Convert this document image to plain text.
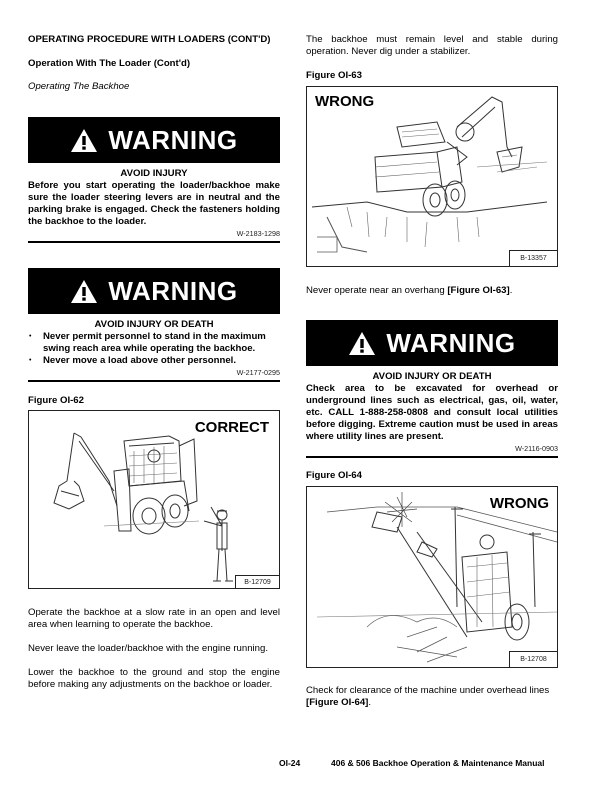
OPERATING PROCEDURE WITH LOADERS (CONT'D)
Operation With The Loader (Cont'd)
Operating The Backhoe
WARNING
AVOID INJURY
Before you start operating the loader/backhoe make sure the loader steering levers are in neutral and the parking brake is engaged. Check the fasteners holding the backhoe to the loader.
W-2183-1298
WARNING
AVOID INJURY OR DEATH
• Never permit personnel to stand in the maximum swing reach area while operating the backhoe.
• Never move a load above other personnel.
W-2177-0295
Figure OI-62
CORRECT
B-12709
Operate the backhoe at a slow rate in an open and level area when learning to operate the backhoe.
Never leave the loader/backhoe with the engine running.
Lower the backhoe to the ground and stop the engine before making any adjustments on the backhoe or loader.
The backhoe must remain level and stable during operation. Never dig under a stabilizer.
Figure OI-63
WRONG
B-13357
Never operate near an overhang [Figure OI-63].
WARNING
AVOID INJURY OR DEATH
Check area to be excavated for overhead or underground lines such as electrical, gas, oil, water, etc. CALL 1-888-258-0808 and consult local utilities before digging. Extreme caution must be used in areas where utility lines are present.
W-2116-0903
Figure OI-64
WRONG
B-12708
Check for clearance of the machine under overhead lines
[Figure OI-64].
OI-24	406 & 506 Backhoe Operation & Maintenance Manual
